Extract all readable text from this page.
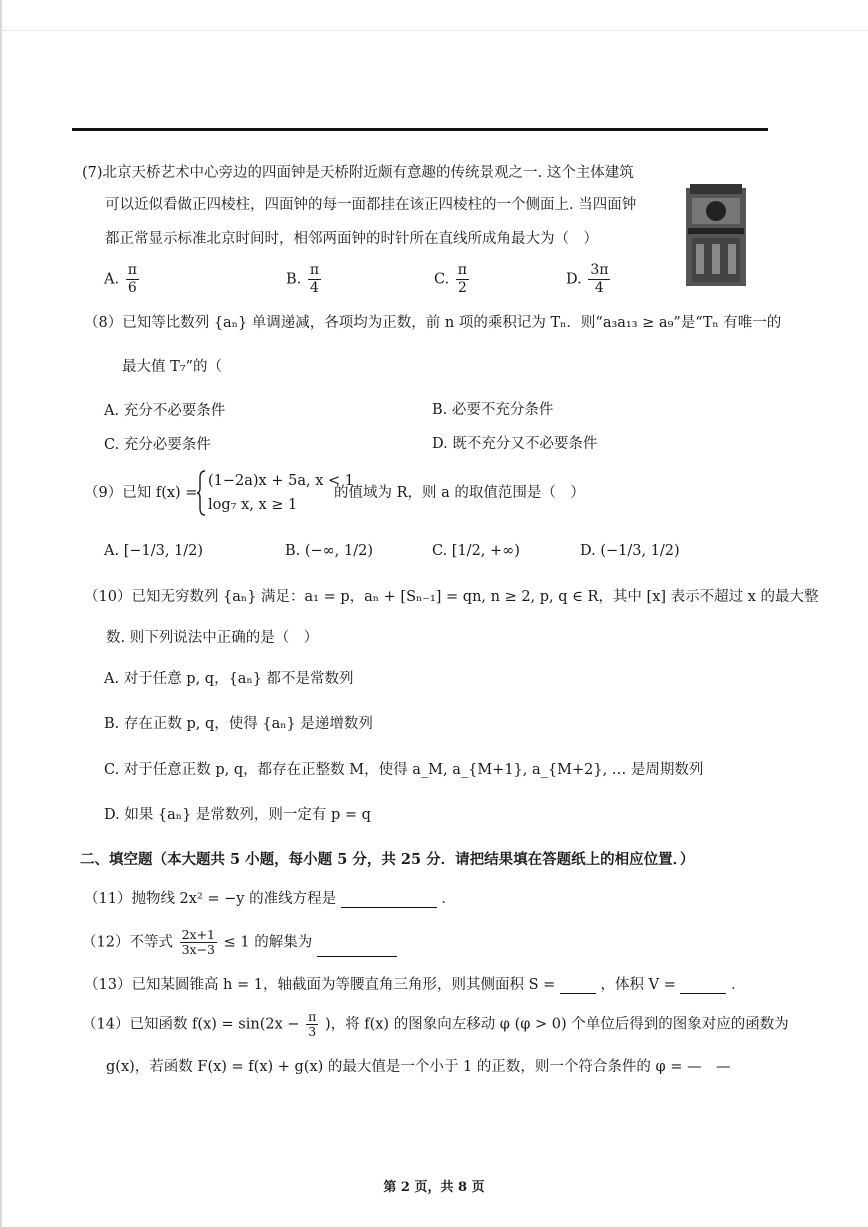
(7)北京天桥艺术中心旁边的四面钟是天桥附近颇有意趣的传统景观之一. 这个主体建筑
可以近似看做正四棱柱，四面钟的每一面都挂在该正四棱柱的一个侧面上. 当四面钟
都正常显示标准北京时间时，相邻两面钟的时针所在直线所成角最大为（　）
A. $\frac{\pi}{6}$	B. $\frac{\pi}{4}$	C. $\frac{\pi}{2}$	D. $\frac{3\pi}{4}$
（8）已知等比数列 {aₙ} 单调递减，各项均为正数，前 n 项的乘积记为 Tₙ．则“a₃a₁₃ ≥ a₉”是“Tₙ 有唯一的
最大值 T₇”的（
A. 充分不必要条件	B. 必要不充分条件
C. 充分必要条件	D. 既不充分又不必要条件
（9）已知 f(x) =
(1−2a)x + 5a, x < 1
log₇ x, x ≥ 1
的值域为 R，则 a 的取值范围是（　）
A. [−1/3, 1/2)	B. (−∞, 1/2)	C. [1/2, +∞)	D. (−1/3, 1/2)
（10）已知无穷数列 {aₙ} 满足：a₁ = p，aₙ + [Sₙ₋₁] = qn, n ≥ 2, p, q ∈ R，其中 [x] 表示不超过 x 的最大整
数. 则下列说法中正确的是（　）
A. 对于任意 p, q，{aₙ} 都不是常数列
B. 存在正数 p, q，使得 {aₙ} 是递增数列
C. 对于任意正数 p, q，都存在正整数 M，使得 a_M, a_{M+1}, a_{M+2}, … 是周期数列
D. 如果 {aₙ} 是常数列，则一定有 p = q
二、填空题（本大题共 5 小题，每小题 5 分，共 25 分．请把结果填在答题纸上的相应位置．）
（11）抛物线 2x² = −y 的准线方程是	．
（12）不等式 $\frac{2x+1}{3x-3} \le 1$ 的解集为
（13）已知某圆锥高 h = 1，轴截面为等腰直角三角形，则其侧面积 S =	，体积 V =	．
（14）已知函数 $f(x) = \sin(2x - \frac{\pi}{3}$ )，将 f(x) 的图象向左移动 φ (φ > 0) 个单位后得到的图象对应的函数为
g(x)，若函数 F(x) = f(x) + g(x) 的最大值是一个小于 1 的正数，则一个符合条件的 φ = —　—
第 2 页，共 8 页
